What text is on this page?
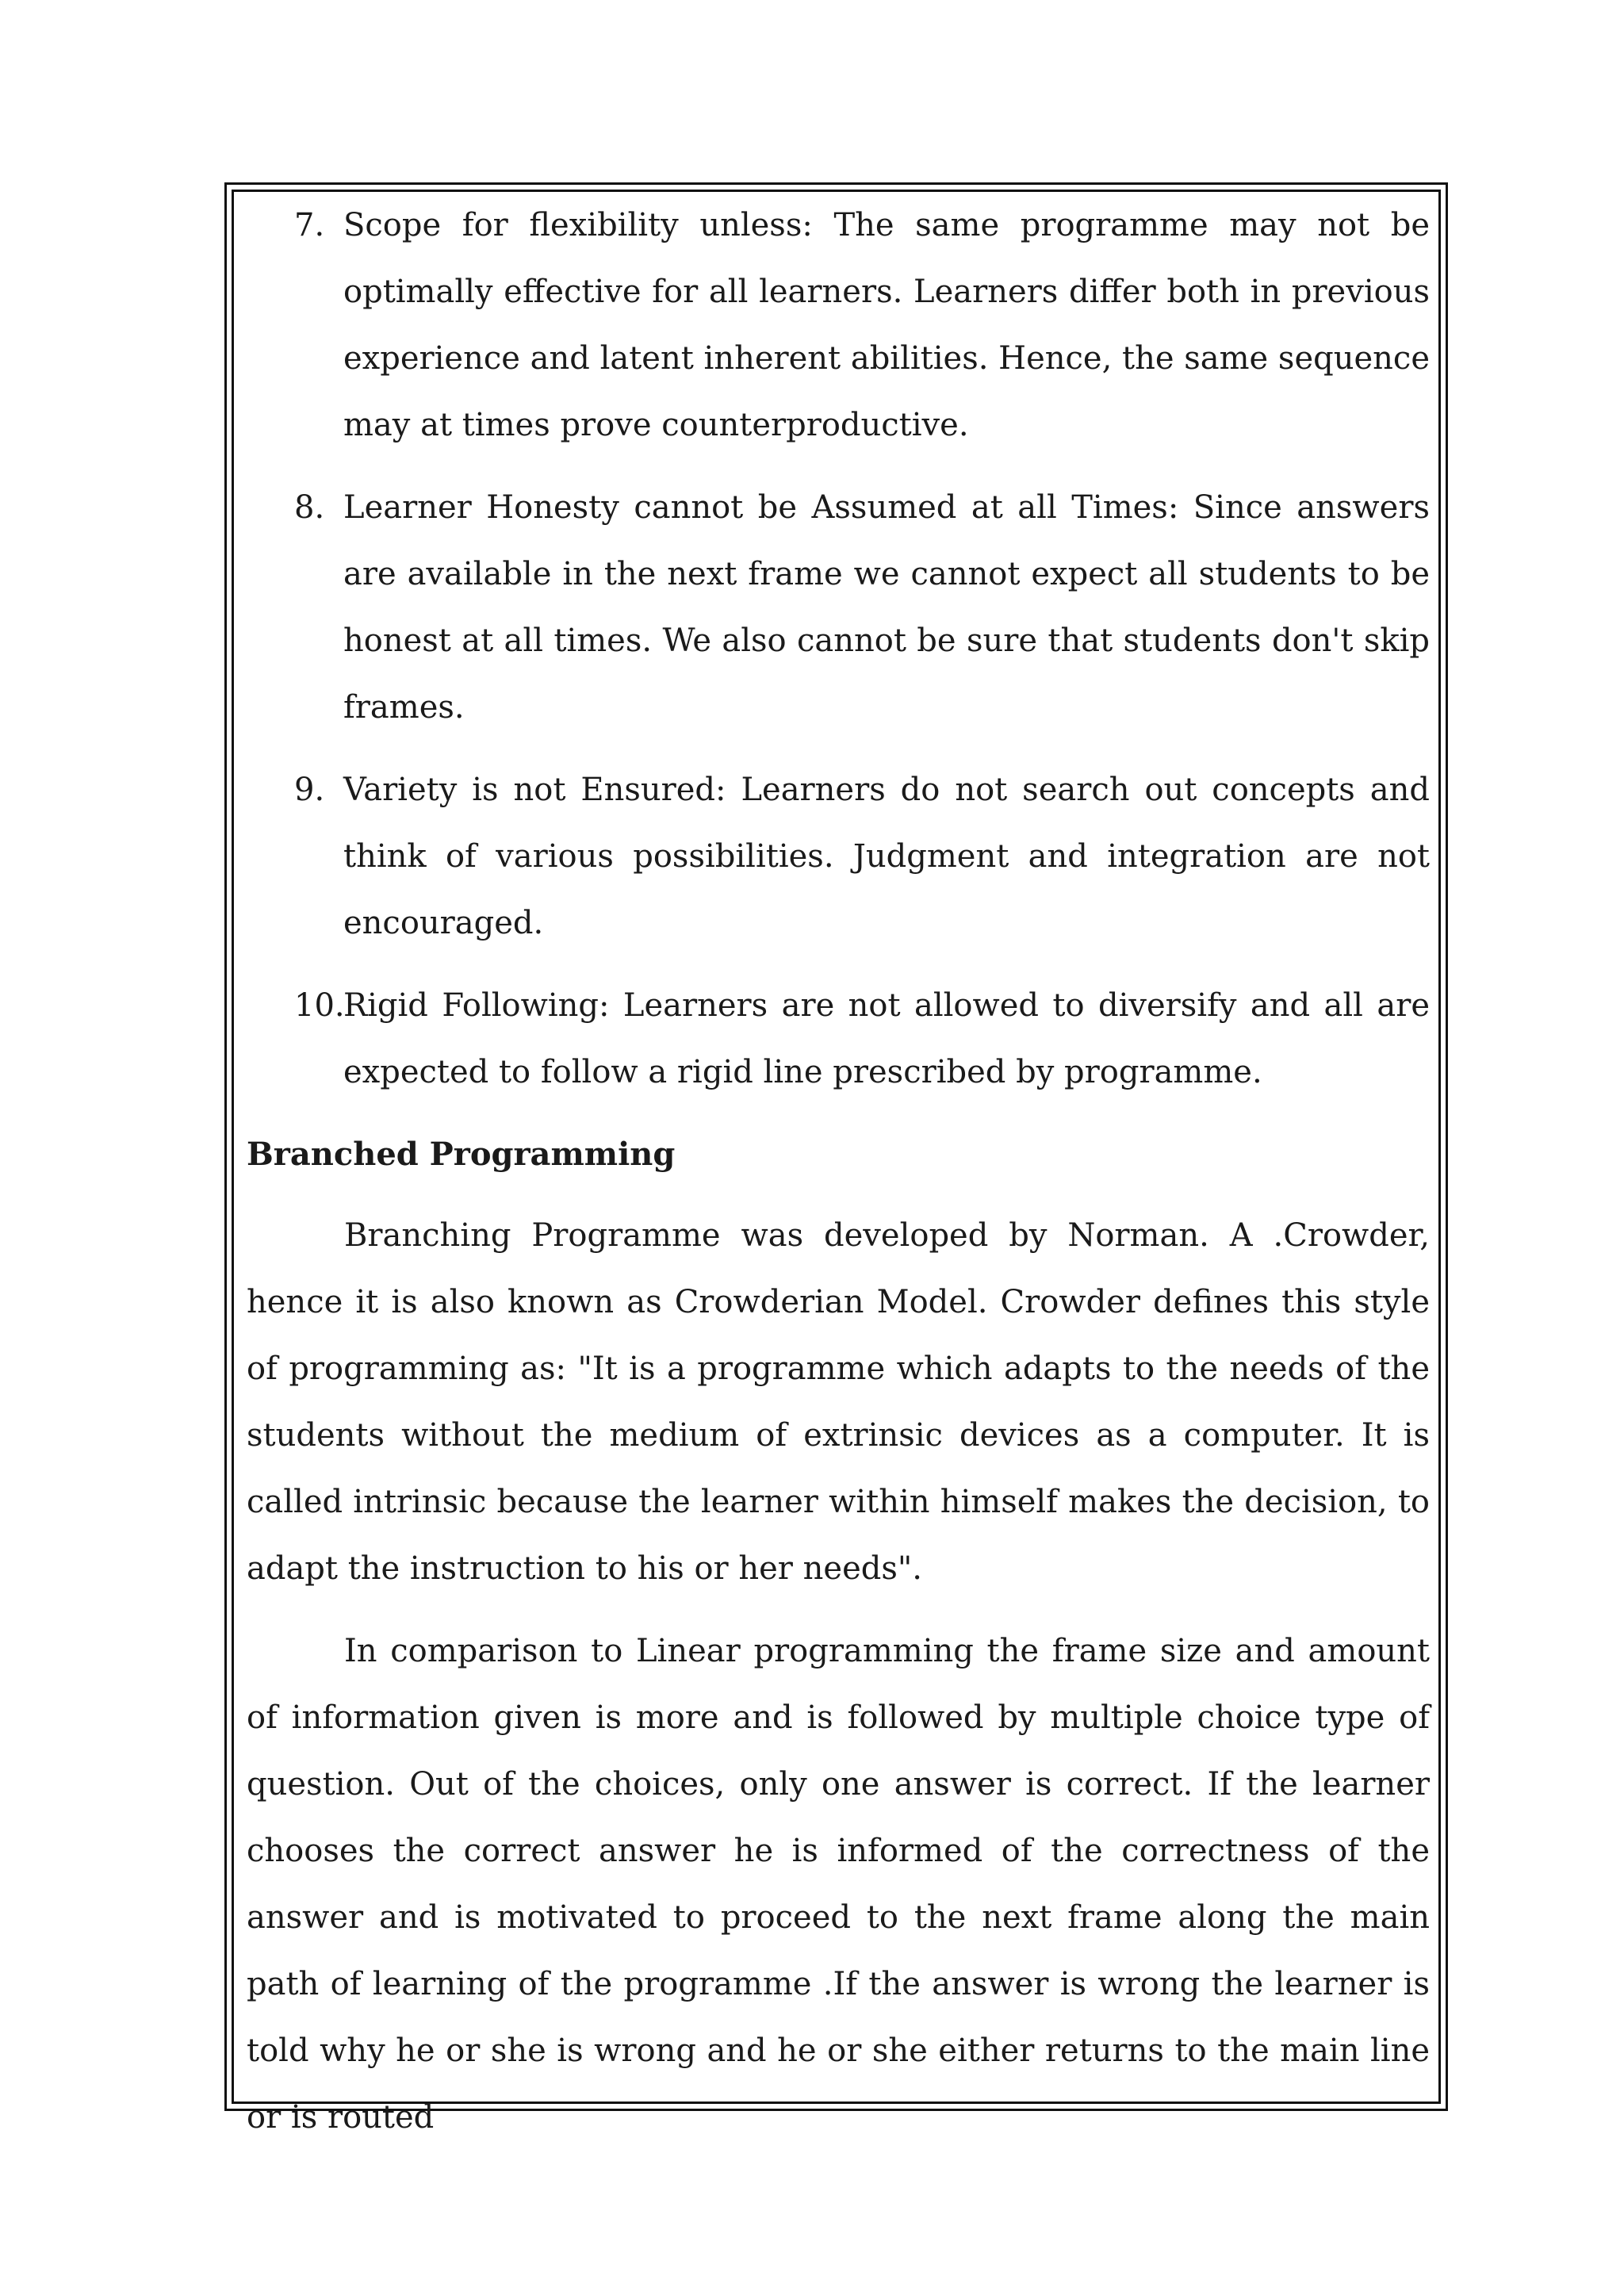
7. Scope for flexibility unless: The same programme may not be optimally effective for all learners. Learners differ both in previous experience and latent inherent abilities. Hence, the same sequence may at times prove counterproductive.
8. Learner Honesty cannot be Assumed at all Times: Since answers are available in the next frame we cannot expect all students to be honest at all times. We also cannot be sure that students don't skip frames.
9. Variety is not Ensured: Learners do not search out concepts and think of various possibilities. Judgment and integration are not encouraged.
10.
Rigid Following: Learners are not allowed to diversify and all are expected to follow a rigid line prescribed by programme.
Branched Programming

Branching Programme was developed by Norman. A .Crowder, hence it is also known as Crowderian Model. Crowder defines this style of programming as: "It is a programme which adapts to the needs of the students without the medium of extrinsic devices as a computer. It is called intrinsic because the learner within himself makes the decision, to adapt the instruction to his or her needs".

In comparison to Linear programming the frame size and amount of information given is more and is followed by multiple choice type of question. Out of the choices, only one answer is correct. If the learner chooses the correct answer he is informed of the correctness of the answer and is motivated to proceed to the next frame along the main path of learning of the programme .If the answer is wrong the learner is told why he or she is wrong and he or she either returns to the main line or is routed
